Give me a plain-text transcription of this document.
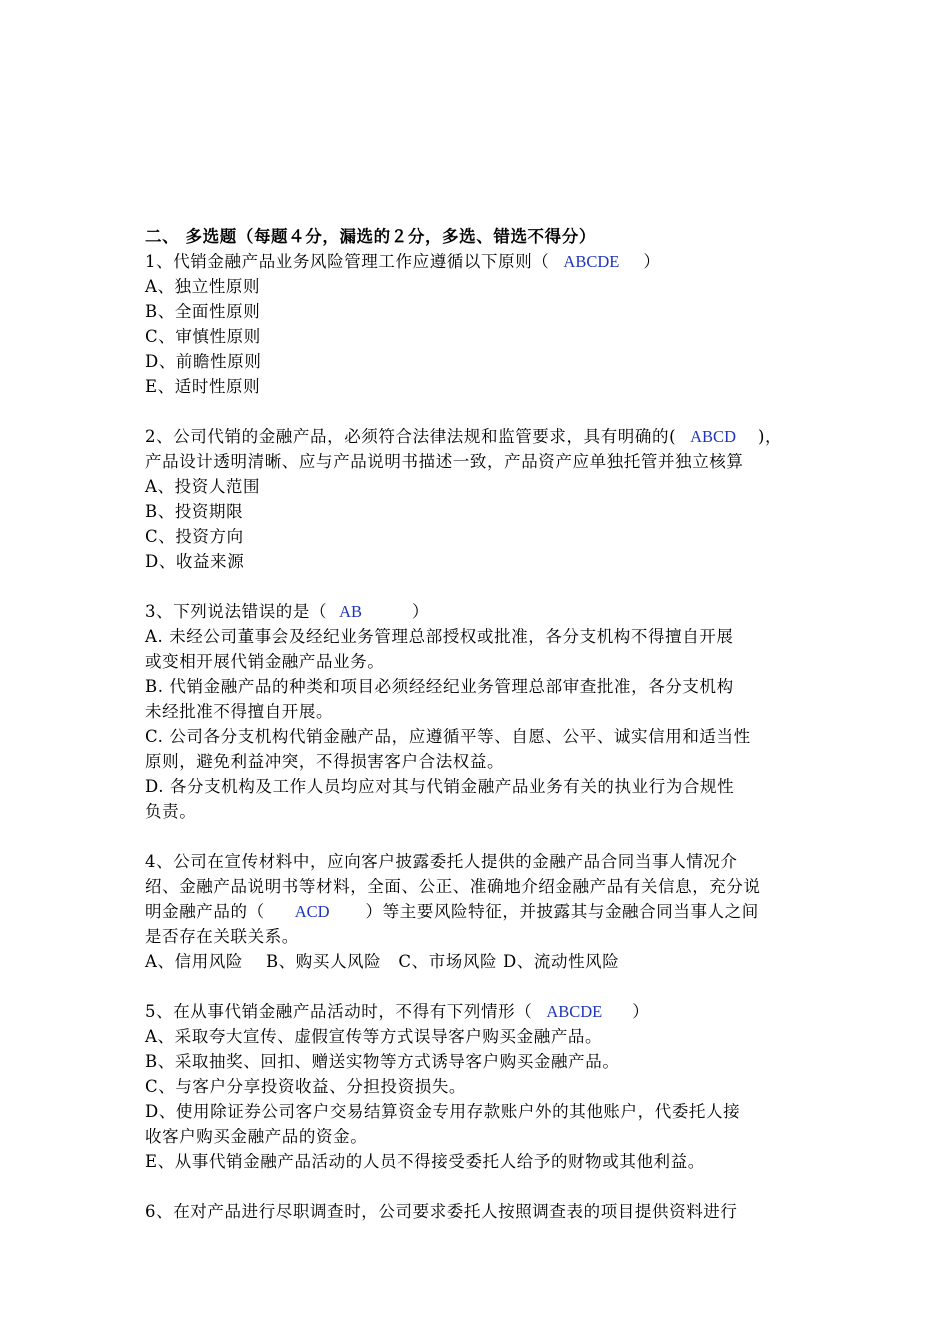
二、 多选题（每题４分，漏选的２分，多选、错选不得分）
1、代销金融产品业务风险管理工作应遵循以下原则（ ABCDE ）
A、独立性原则
B、全面性原则
C、审慎性原则
D、前瞻性原则
E、适时性原则
2、公司代销的金融产品，必须符合法律法规和监管要求，具有明确的( ABCD )，
产品设计透明清晰、应与产品说明书描述一致，产品资产应单独托管并独立核算
A、投资人范围
B、投资期限
C、投资方向
D、收益来源
3、下列说法错误的是（ AB	）
A. 未经公司董事会及经纪业务管理总部授权或批准，各分支机构不得擅自开展
或变相开展代销金融产品业务。
B. 代销金融产品的种类和项目必须经经纪业务管理总部审查批准，各分支机构
未经批准不得擅自开展。
C. 公司各分支机构代销金融产品，应遵循平等、自愿、公平、诚实信用和适当性
原则，避免利益冲突，不得损害客户合法权益。
D. 各分支机构及工作人员均应对其与代销金融产品业务有关的执业行为合规性
负责。
4、公司在宣传材料中，应向客户披露委托人提供的金融产品合同当事人情况介
绍、金融产品说明书等材料，全面、公正、准确地介绍金融产品有关信息，充分说
明金融产品的（ ACD ）等主要风险特征，并披露其与金融合同当事人之间
是否存在关联关系。
A、信用风险　 B、购买人风险　C、市场风险 D、流动性风险
5、在从事代销金融产品活动时，不得有下列情形（ ABCDE ）
A、采取夸大宣传、虚假宣传等方式误导客户购买金融产品。
B、采取抽奖、回扣、赠送实物等方式诱导客户购买金融产品。
C、与客户分享投资收益、分担投资损失。
D、使用除证券公司客户交易结算资金专用存款账户外的其他账户，代委托人接
收客户购买金融产品的资金。
E、从事代销金融产品活动的人员不得接受委托人给予的财物或其他利益。
6、在对产品进行尽职调查时，公司要求委托人按照调查表的项目提供资料进行
